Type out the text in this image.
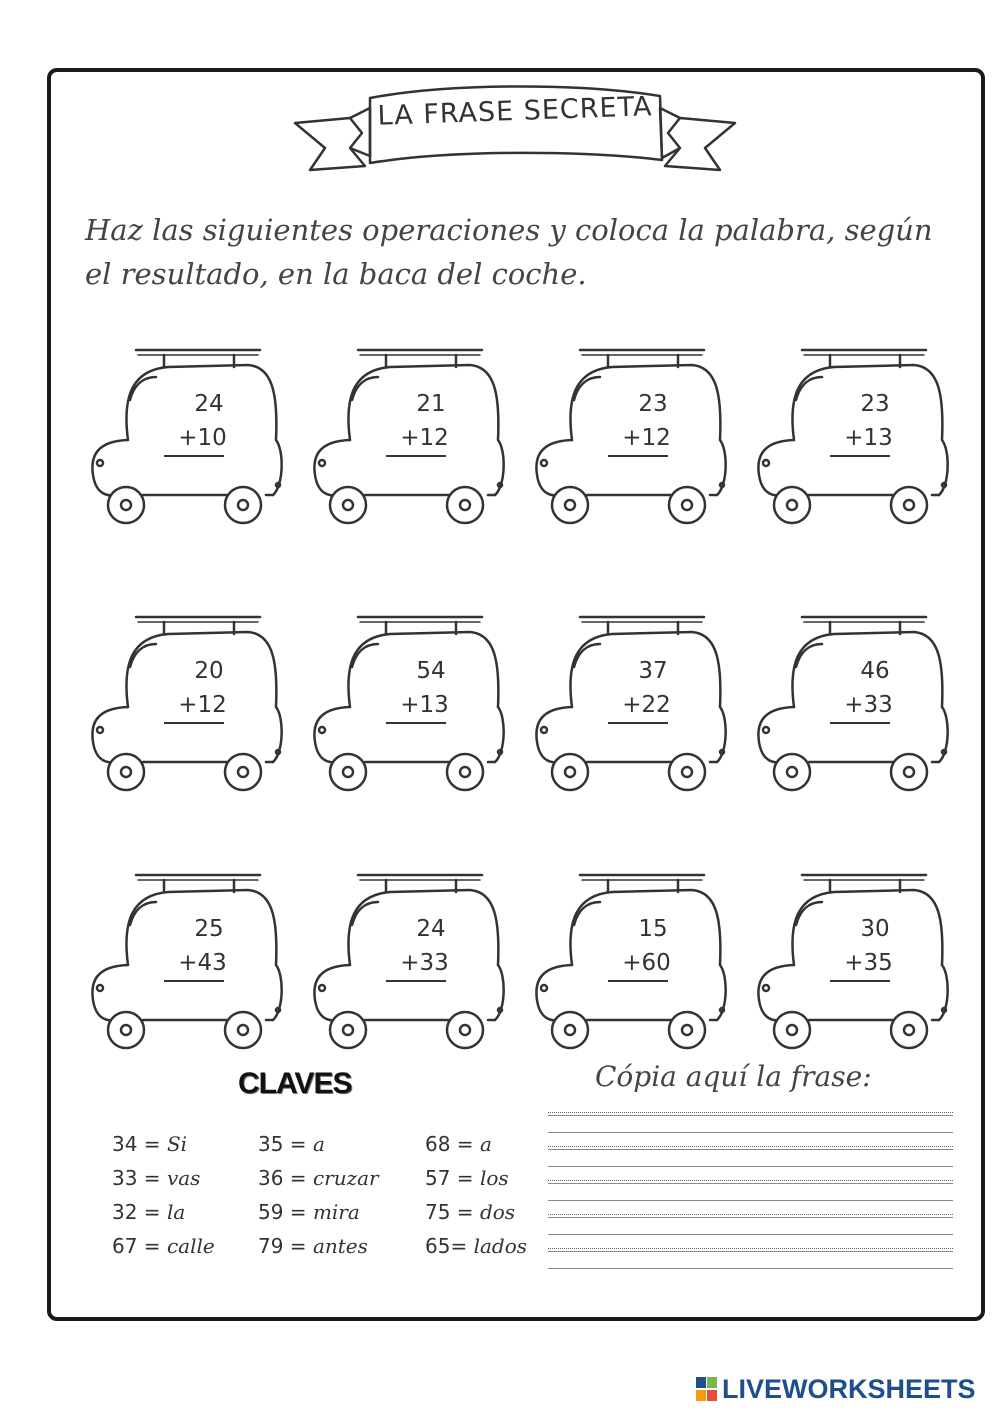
LA FRASE SECRETA
Haz las siguientes operaciones y coloca la palabra, según el resultado, en la baca del coche.
24
+10
21
+12
23
+12
23
+13
20
+12
54
+13
37
+22
46
+33
25
+43
24
+33
15
+60
30
+35
CLAVES
34 = Si
33 = vas
32 = la
67 = calle
35 = a
36 = cruzar
59 = mira
79 = antes
68 = a
57 = los
75 = dos
65= lados
Cópia aquí la frase:
LIVEWORKSHEETS
